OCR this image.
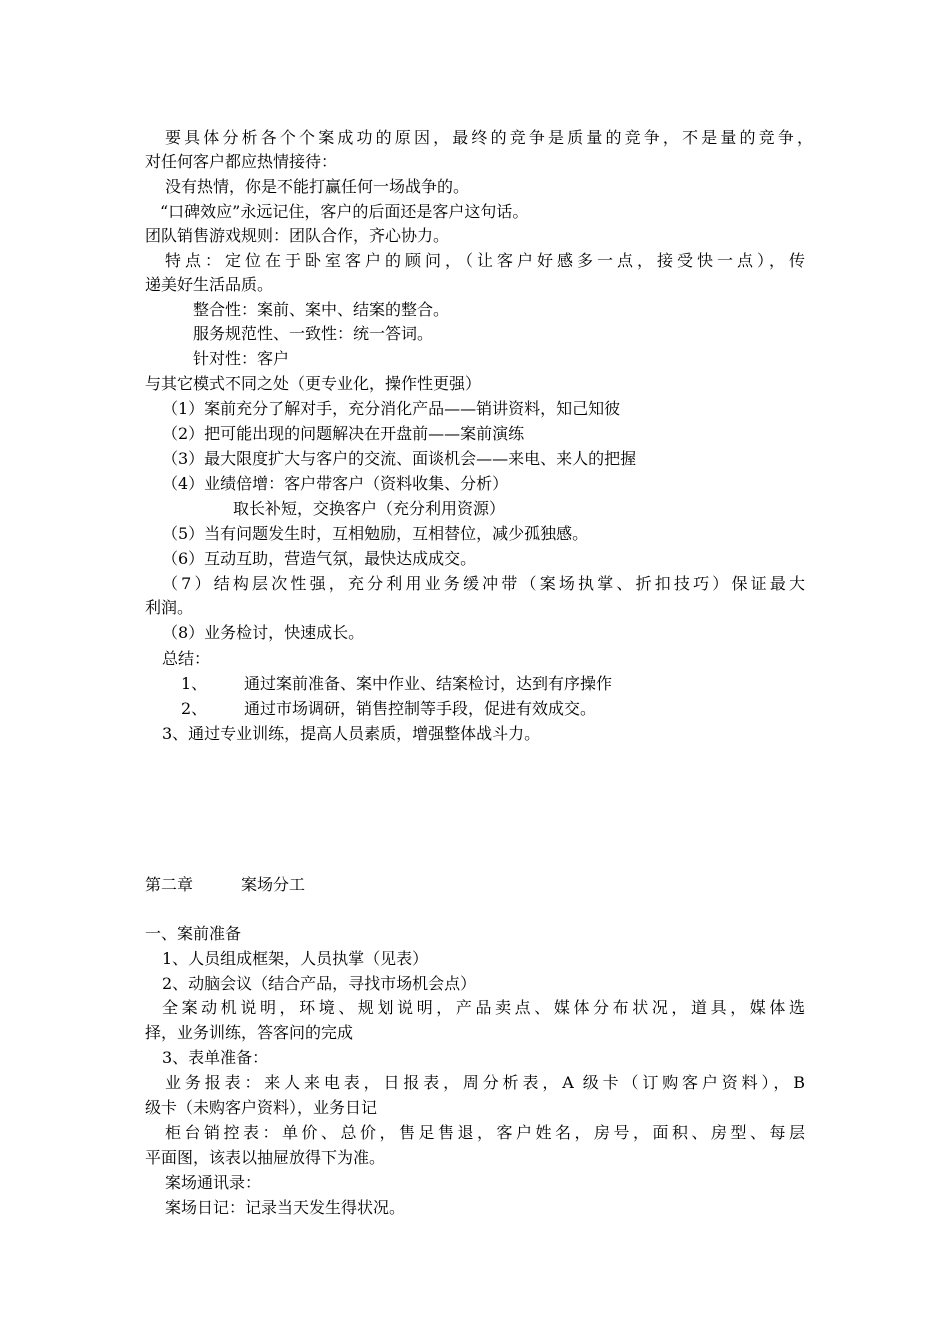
要具体分析各个个案成功的原因，最终的竞争是质量的竞争，不是量的竞争，
对任何客户都应热情接待：
没有热情，你是不能打赢任何一场战争的。
“口碑效应”永远记住，客户的后面还是客户这句话。
团队销售游戏规则：团队合作，齐心协力。
特点：定位在于卧室客户的顾问，（让客户好感多一点，接受快一点），传
递美好生活品质。
整合性：案前、案中、结案的整合。
服务规范性、一致性：统一答词。
针对性：客户
与其它模式不同之处（更专业化，操作性更强）
（1）案前充分了解对手，充分消化产品——销讲资料，知己知彼
（2）把可能出现的问题解决在开盘前——案前演练
（3）最大限度扩大与客户的交流、面谈机会——来电、来人的把握
（4）业绩倍增：客户带客户（资料收集、分析）
取长补短，交换客户（充分利用资源）
（5）当有问题发生时，互相勉励，互相替位，减少孤独感。
（6）互动互助，营造气氛，最快达成成交。
（7）结构层次性强，充分利用业务缓冲带（案场执掌、折扣技巧）保证最大
利润。
（8）业务检讨，快速成长。
总结：
1、 通过案前准备、案中作业、结案检讨，达到有序操作
2、 通过市场调研，销售控制等手段，促进有效成交。
3、通过专业训练，提高人员素质，增强整体战斗力。
第二章	案场分工
一、案前准备
1、人员组成框架，人员执掌（见表）
2、动脑会议（结合产品，寻找市场机会点）
全案动机说明，环境、规划说明，产品卖点、媒体分布状况，道具，媒体选
择，业务训练，答客问的完成
3、表单准备：
业务报表：来人来电表，日报表，周分析表，A 级卡（订购客户资料），B
级卡（未购客户资料），业务日记
柜台销控表：单价、总价，售足售退，客户姓名，房号，面积、房型、每层
平面图，该表以抽屉放得下为准。
案场通讯录：
案场日记：记录当天发生得状况。
